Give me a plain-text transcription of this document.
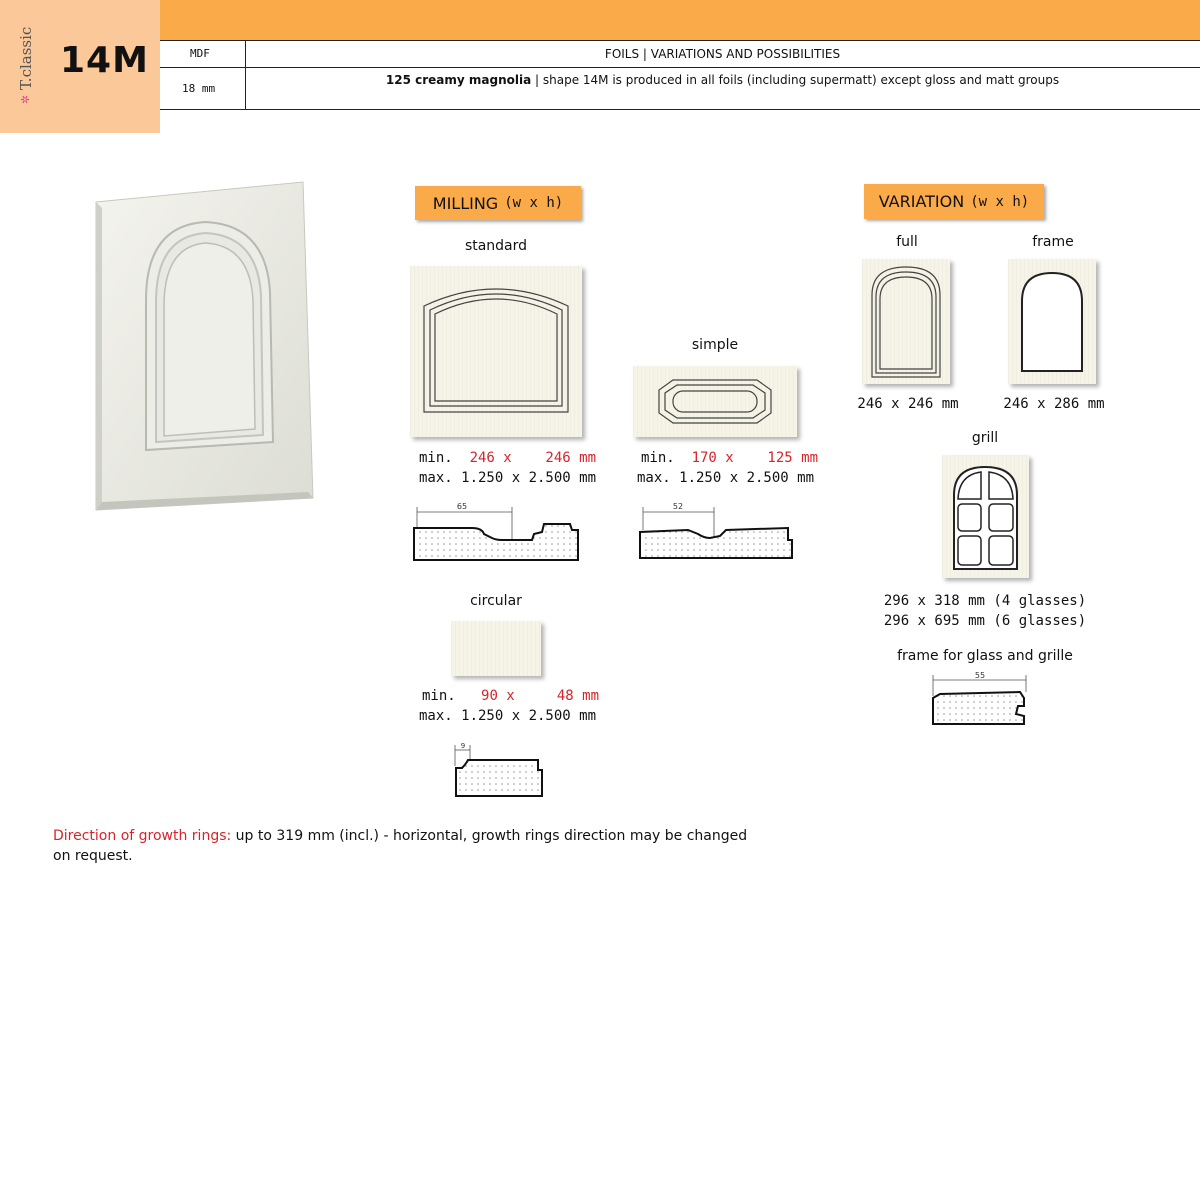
✲
T.classic 14M	MDF	FOILS | VARIATIONS AND POSSIBILITIES
18 mm
125 creamy magnolia | shape 14M is produced in all foils (including supermatt) except gloss and matt groups
MILLING (w x h)
standard
min. 246 x    246 mm
max. 1.250 x 2.500 mm
65
simple
min. 170 x    125 mm
max. 1.250 x 2.500 mm
52
circular
min. 90 x     48 mm
max. 1.250 x 2.500 mm
9
VARIATION (w x h)
full
246 x 246 mm
frame
246 x 286 mm
grill
296 x 318 mm (4 glasses)
296 x 695 mm (6 glasses)
frame for glass and grille
55
Direction of growth rings: up to 319 mm (incl.) - horizontal, growth rings direction may be changed
on request.
